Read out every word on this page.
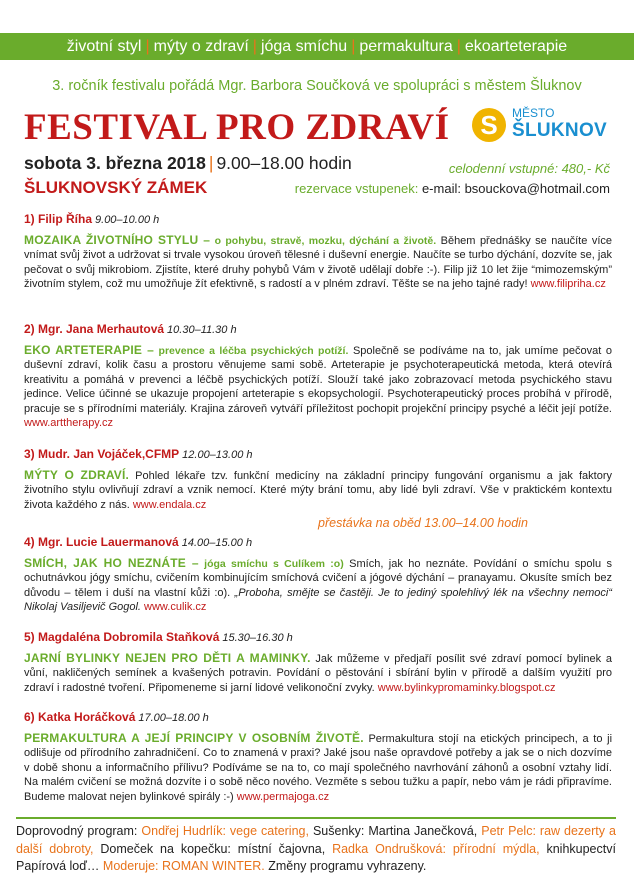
životní styl | mýty o zdraví | jóga smíchu | permakultura | ekoarteterapie
3. ročník festivalu pořádá Mgr. Barbora Součková ve spolupráci s městem Šluknov
FESTIVAL PRO ZDRAVÍ	S	MĚSTO
ŠLUKNOV
sobota 3. března 2018 | 9.00–18.00 hodin
ŠLUKNOVSKÝ ZÁMEK
celodenní vstupné: 480,- Kč
rezervace vstupenek: e-mail: bsouckova@hotmail.com
1) Filip Říha 9.00–10.00 h
MOZAIKA ŽIVOTNÍHO STYLU – o pohybu, stravě, mozku, dýchání a životě. Během přednášky se naučíte více vnímat svůj život a udržovat si trvale vysokou úroveň tělesné i duševní energie. Naučíte se turbo dýchání, dozvíte se, jak pečovat o svůj mikrobiom. Zjistíte, které druhy pohybů Vám v životě udělají dobře :-). Filip již 10 let žije “mimozemským” životním stylem, což mu umožňuje žít efektivně, s radostí a v plném zdraví. Těšte se na jeho tajné rady! www.filipriha.cz
2) Mgr. Jana Merhautová 10.30–11.30 h
EKO ARTETERAPIE – prevence a léčba psychických potíží. Společně se podíváme na to, jak umíme pečovat o duševní zdraví, kolik času a prostoru věnujeme sami sobě. Arteterapie je psychoterapeutická metoda, která otevírá kreativitu a pomáhá v prevenci a léčbě psychických potíží. Slouží také jako zobrazovací metoda psychického stavu jedince. Velice účinné se ukazuje propojení arteterapie s ekopsychologií. Psychoterapeutický proces probíhá v přírodě, pracuje se s přírodními materiály. Krajina zároveň vytváří příležitost pochopit projekční principy psyché a léčit její potíže. www.arttherapy.cz
3) Mudr. Jan Vojáček,CFMP 12.00–13.00 h
MÝTY O ZDRAVÍ. Pohled lékaře tzv. funkční medicíny na základní principy fungování organismu a jak faktory životního stylu ovlivňují zdraví a vznik nemocí. Které mýty brání tomu, aby lidé byli zdraví. Vše v praktickém kontextu života každého z nás. www.endala.cz
přestávka na oběd 13.00–14.00 hodin
4) Mgr. Lucie Lauermanová 14.00–15.00 h
SMÍCH, JAK HO NEZNÁTE – jóga smíchu s Culíkem :o) Smích, jak ho neznáte. Povídání o smíchu spolu s ochutnávkou jógy smíchu, cvičením kombinujícím smíchová cvičení a jógové dýchání – pranayamu. Okusíte smích bez důvodu – tělem i duší na vlastní kůži :o). „Proboha, smějte se častěji. Je to jediný spolehlivý lék na všechny nemoci“ Nikolaj Vasiljevič Gogol. www.culik.cz
5) Magdaléna Dobromila Staňková 15.30–16.30 h
JARNÍ BYLINKY NEJEN PRO DĚTI A MAMINKY. Jak můžeme v předjaří posílit své zdraví pomocí bylinek a vůní, nakličených semínek a kvašených potravin. Povídání o pěstování i sbírání bylin v přírodě a dalším využití pro zdraví i radostné tvoření. Připomeneme si jarní lidové velikonoční zvyky. www.bylinkypromaminky.blogspot.cz
6) Katka Horáčková 17.00–18.00 h
PERMAKULTURA A JEJÍ PRINCIPY V OSOBNÍM ŽIVOTĚ. Permakultura stojí na etických principech, a to ji odlišuje od přírodního zahradničení. Co to znamená v praxi? Jaké jsou naše opravdové potřeby a jak se o nich dozvíme v době shonu a informačního přílivu? Podíváme se na to, co mají společného navrhování záhonů a osobní vztahy lidí. Na malém cvičení se možná dozvíte i o sobě něco nového. Vezměte s sebou tužku a papír, nebo vám je rádi připravíme. Budeme malovat nejen bylinkové spirály :-) www.permajoga.cz
Doprovodný program: Ondřej Hudrlík: vege catering, Sušenky: Martina Janečková, Petr Pelc: raw dezerty a další dobroty, Domeček na kopečku: místní čajovna, Radka Ondrušková: přírodní mýdla, knihkupectví Papírová loď… Moderuje: ROMAN WINTER. Změny programu vyhrazeny.
